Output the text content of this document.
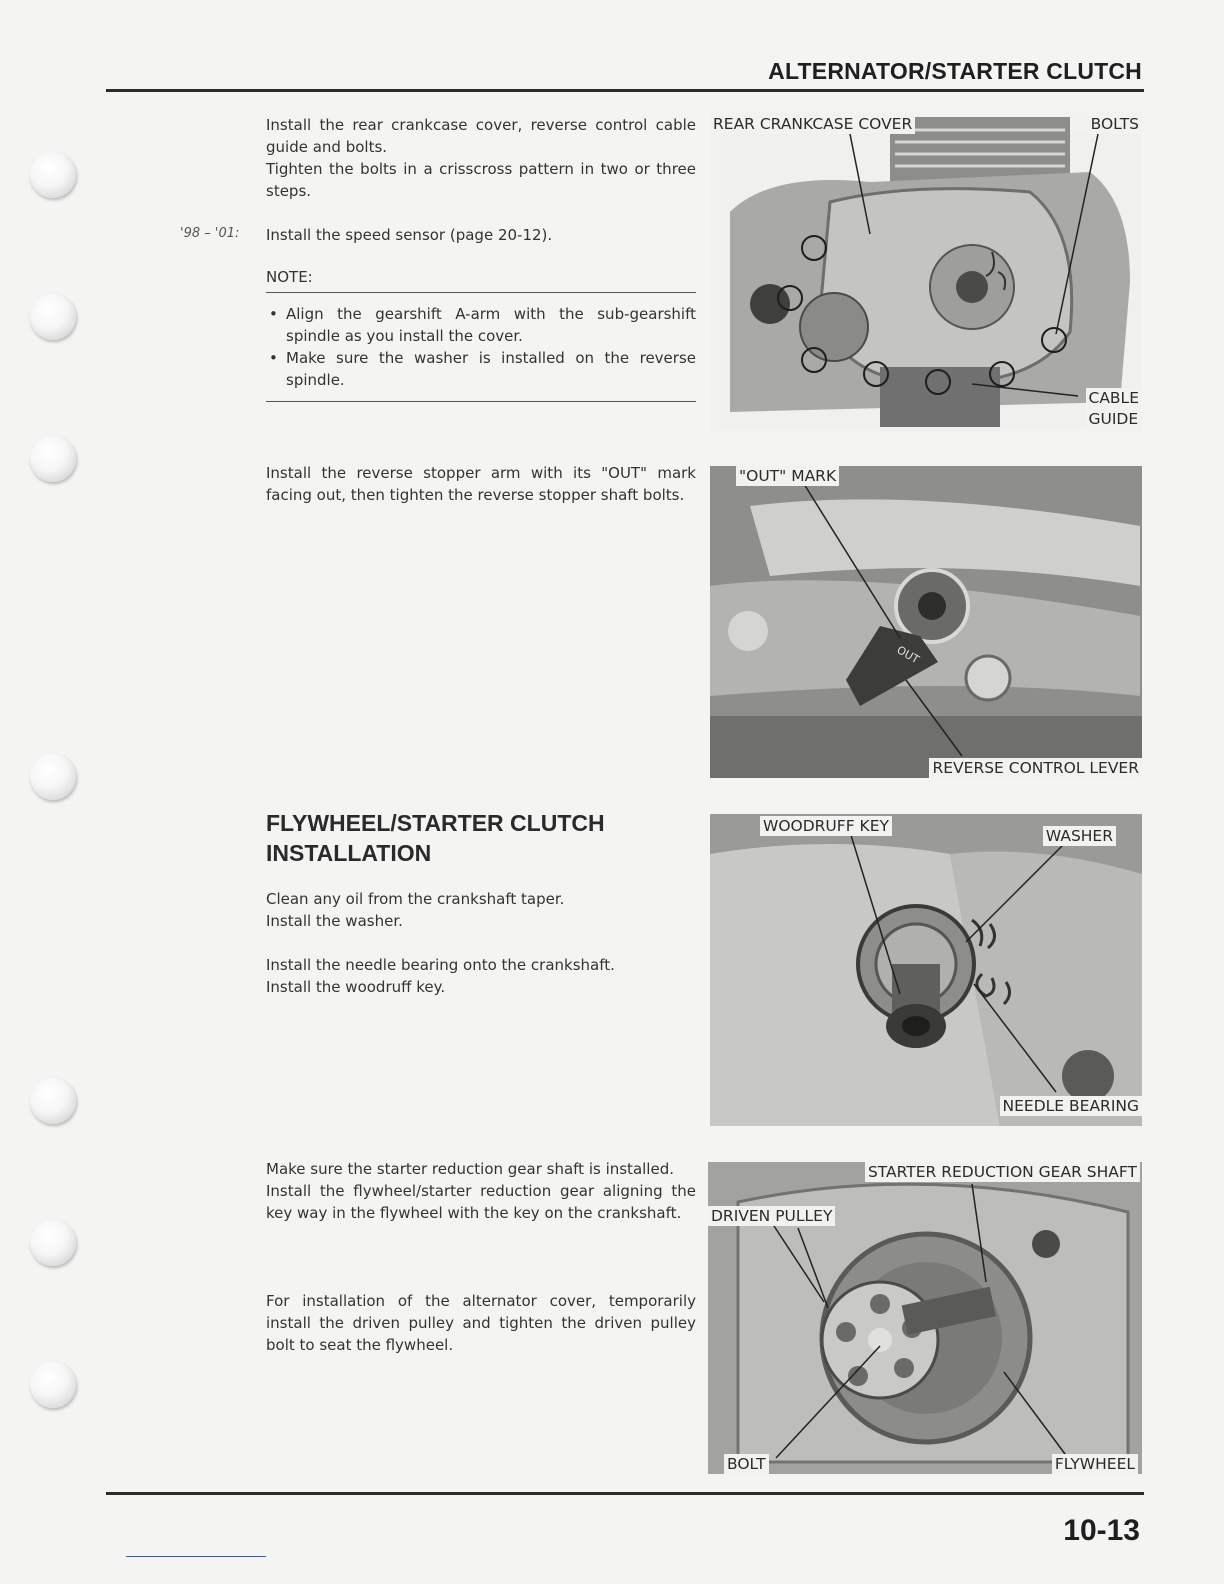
ALTERNATOR/STARTER CLUTCH
Install the rear crankcase cover, reverse control cable guide and bolts.
Tighten the bolts in a crisscross pattern in two or three steps.
'98 – '01: Install the speed sensor (page 20-12).
NOTE:
• Align the gearshift A-arm with the sub-gearshift spindle as you install the cover.
• Make sure the washer is installed on the reverse spindle.
Install the reverse stopper arm with its "OUT" mark facing out, then tighten the reverse stopper shaft bolts.
FLYWHEEL/STARTER CLUTCH
INSTALLATION
Clean any oil from the crankshaft taper.
Install the washer.
Install the needle bearing onto the crankshaft.
Install the woodruff key.
Make sure the starter reduction gear shaft is installed.
Install the flywheel/starter reduction gear aligning the key way in the flywheel with the key on the crankshaft.
For installation of the alternator cover, temporarily install the driven pulley and tighten the driven pulley bolt to seat the flywheel.
REAR CRANKCASE COVER	BOLTS
CABLE
GUIDE
OUT
"OUT" MARK
REVERSE CONTROL LEVER
WOODRUFF KEY
WASHER
NEEDLE BEARING
STARTER REDUCTION GEAR SHAFT
DRIVEN PULLEY
BOLT	FLYWHEEL
10-13
